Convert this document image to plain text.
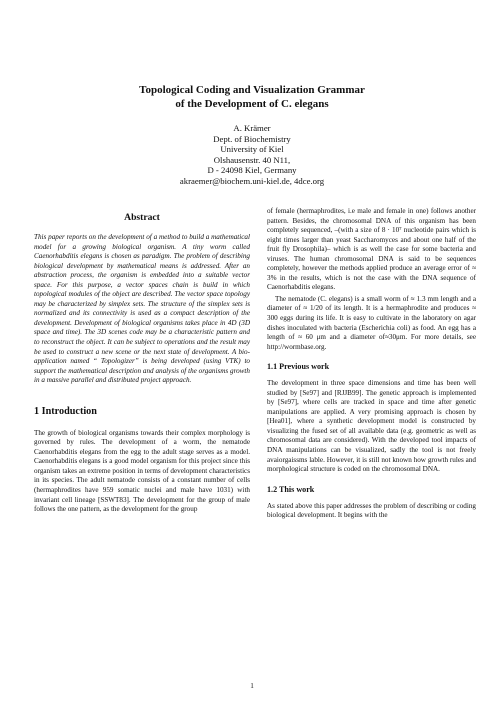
Topological Coding and Visualization Grammar
of the Development of C. elegans
A. Krämer
Dept. of Biochemistry
University of Kiel
Olshausenstr. 40 N11,
D - 24098 Kiel, Germany
akraemer@biochem.uni-kiel.de, 4dce.org
Abstract

This paper reports on the development of a method to build a mathematical model for a growing biological organism. A tiny worm called Caenorhabditis elegans is chosen as paradigm. The problem of describing biological development by mathematical means is addressed. After an abstraction process, the organism is embedded into a suitable vector space. For this purpose, a vector spaces chain is build in which topological modules of the object are described. The vector space topology may be characterized by simplex sets. The structure of the simplex sets is normalized and its connectivity is used as a compact description of the development. Development of biological organisms takes place in 4D (3D space and time). The 3D scenes code may be a characteristic pattern and to reconstruct the object. It can be subject to operations and the result may be used to construct a new scene or the next state of development. A bio-application named “ Topologizer” is being developed (using VTK) to support the mathematical description and analysis of the organisms growth in a massive parallel and distributed project approach.

1 Introduction

The growth of biological organisms towards their complex morphology is governed by rules. The development of a worm, the nematode Caenorhabditis elegans from the egg to the adult stage serves as a model. Caenorhabditis elegans is a good model organism for this project since this organism takes an extreme position in terms of development characteristics in its species. The adult nematode consists of a constant number of cells (hermaphrodites have 959 somatic nuclei and male have 1031) with invariant cell lineage [SSWT83]. The development for the group of male follows the one pattern, as the development for the group

of female (hermaphrodites, i.e male and female in one) follows another pattern. Besides, the chromosomal DNA of this organism has been completely sequenced, –(with a size of 8 · 10⁷ nucleotide pairs which is eight times larger than yeast Saccharomyces and about one half of the fruit fly Drosophila)– which is as well the case for some bacteria and viruses. The human chromosomal DNA is said to be sequences completely, however the methods applied produce an average error of ≈ 3% in the results, which is not the case with the DNA sequence of Caenorhabditis elegans.

The nematode (C. elegans) is a small worm of ≈ 1.3 mm length and a diameter of ≈ 1/20 of its length. It is a hermaphrodite and produces ≈ 300 eggs during its life. It is easy to cultivate in the laboratory on agar dishes inoculated with bacteria (Escherichia coli) as food. An egg has a length of ≈ 60 μm and a diameter of≈30μm. For more details, see http://wormbase.org.

1.1 Previous work

The development in three space dimensions and time has been well studied by [Se97] and [RJJB99]. The genetic approach is implemented by [Se97], where cells are tracked in space and time after genetic manipulations are applied. A very promising approach is chosen by [Hea01], where a synthetic development model is constructed by visualizing the fused set of all available data (e.g. geometric as well as chromosomal data are considered). With the developed tool impacts of DNA manipulations can be visualized, sadly the tool is not freely avaiorgaissms lable. However, it is still not known how growth rules and morphological structure is coded on the chromosomal DNA.

1.2 This work

As stated above this paper addresses the problem of describing or coding biological development. It begins with the

1
